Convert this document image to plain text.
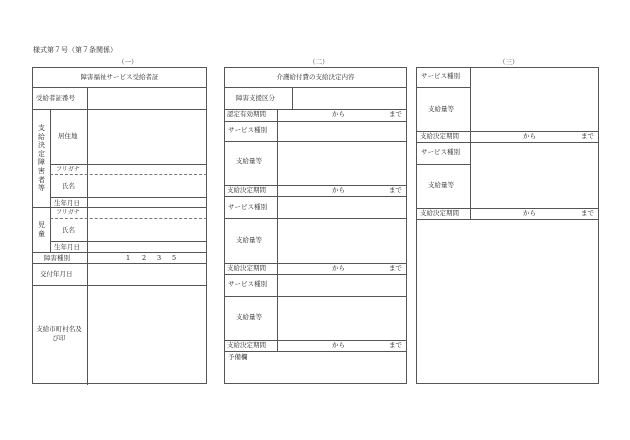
様式第７号（第７条関係）
（一）	（二）	（三）
障害福祉サービス受給者証
受給者証番号
支給決定障害者等
居住地
フリガナ
氏名
生年月日
児童
フリガナ
氏名
生年月日
障害種別	1 2 3 5
交付年月日
支給市町村名及び印
介護給付費の支給決定内容
障害支援区分
認定有効期間	から	まで
サービス種別
支給量等
支給決定期間	から	まで
サービス種別
支給量等
支給決定期間	から	まで
サービス種別
支給量等
支給決定期間	から	まで
予備欄
サービス種別
支給量等
支給決定期間	から	まで
サービス種別
支給量等
支給決定期間	から	まで
